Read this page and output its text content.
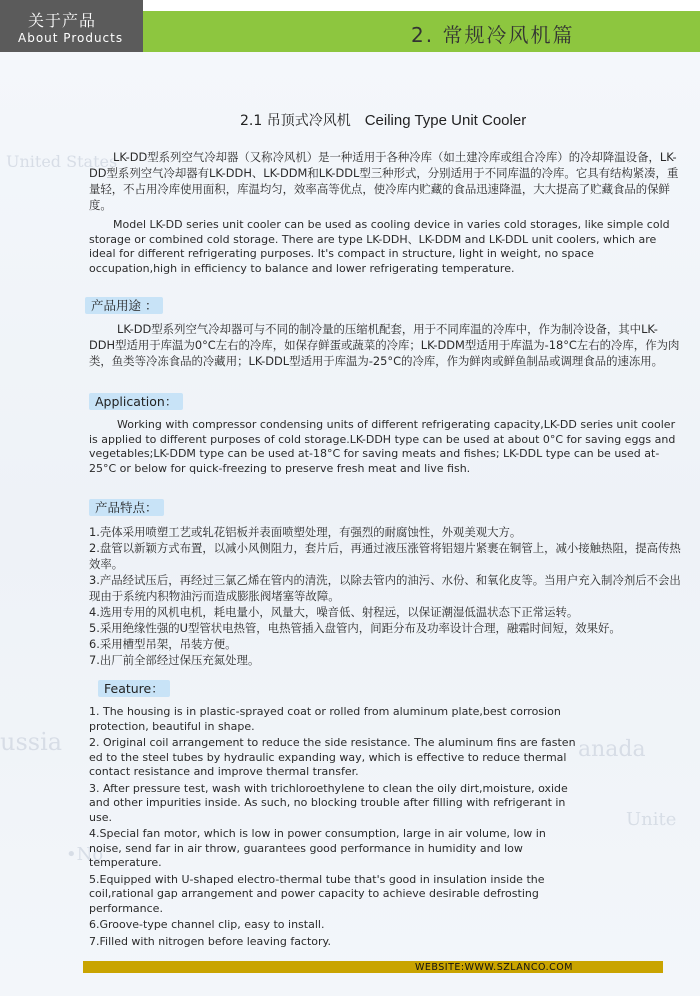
United States
ussia	anada
Unite
•No
关于产品
About Products	2. 常规冷风机篇
2.1 吊顶式冷风机 Ceiling Type Unit Cooler
LK-DD型系列空气冷却器（又称冷风机）是一种适用于各种冷库（如土建冷库或组合冷库）的冷却降温设备，LK-DD型系列空气冷却器有LK-DDH、LK-DDM和LK-DDL型三种形式，分别适用于不同库温的冷库。它具有结构紧凑，重量轻，不占用冷库使用面积，库温均匀，效率高等优点，使冷库内贮藏的食品迅速降温，大大提高了贮藏食品的保鲜度。
Model LK-DD series unit cooler can be used as cooling device in varies cold storages, like simple cold storage or combined cold storage. There are type LK-DDH、LK-DDM and LK-DDL unit coolers, which are ideal for different refrigerating purposes. It's compact in structure, light in weight, no space occupation,high in efficiency to balance and lower refrigerating temperature.
产品用途 ：
LK-DD型系列空气冷却器可与不同的制冷量的压缩机配套，用于不同库温的冷库中，作为制冷设备，其中LK-DDH型适用于库温为0°C左右的冷库，如保存鲜蛋或蔬菜的冷库；LK-DDM型适用于库温为-18°C左右的冷库，作为肉类，鱼类等冷冻食品的冷藏用；LK-DDL型适用于库温为-25°C的冷库，作为鲜肉或鲜鱼制品或调理食品的速冻用。
Application：
Working with compressor condensing units of different refrigerating capacity,LK-DD series unit cooler is applied to different purposes of cold storage.LK-DDH type can be used at about 0°C for saving eggs and vegetables;LK-DDM type can be used at-18°C for saving meats and fishes; LK-DDL type can be used at-25°C or below for quick-freezing to preserve fresh meat and live fish.
产品特点：

1.壳体采用喷塑工艺或轧花铝板并表面喷塑处理，有强烈的耐腐蚀性，外观美观大方。

2.盘管以新颖方式布置，以减小风侧阻力，套片后，再通过液压涨管将铝翅片紧裹在铜管上，减小接触热阻，提高传热效率。

3.产品经试压后，再经过三氯乙烯在管内的清洗，以除去管内的油污、水份、和氧化皮等。当用户充入制冷剂后不会出现由于系统内积物油污而造成膨胀阀堵塞等故障。

4.选用专用的风机电机，耗电量小，风量大，噪音低、射程远，以保证潮湿低温状态下正常运转。

5.采用绝缘性强的U型管状电热管，电热管插入盘管内，间距分布及功率设计合理，融霜时间短，效果好。

6.采用槽型吊架，吊装方便。

7.出厂前全部经过保压充氮处理。

Feature：

1. The housing is in plastic-sprayed coat or rolled from aluminum plate,best corrosion protection, beautiful in shape.

2. Original coil arrangement to reduce the side resistance. The aluminum fins are fasten ed to the steel tubes by hydraulic expanding way, which is effective to reduce thermal contact resistance and improve thermal transfer.

3. After pressure test, wash with trichloroethylene to clean the oily dirt,moisture, oxide and other impurities inside. As such, no blocking trouble after filling with refrigerant in use.

4.Special fan motor, which is low in power consumption, large in air volume, low in noise, send far in air throw, guarantees good performance in humidity and low temperature.

5.Equipped with U-shaped electro-thermal tube that's good in insulation inside the coil,rational gap arrangement and power capacity to achieve desirable defrosting performance.

6.Groove-type channel clip, easy to install.

7.Filled with nitrogen before leaving factory.

WEBSITE:WWW.SZLANCO.COM
